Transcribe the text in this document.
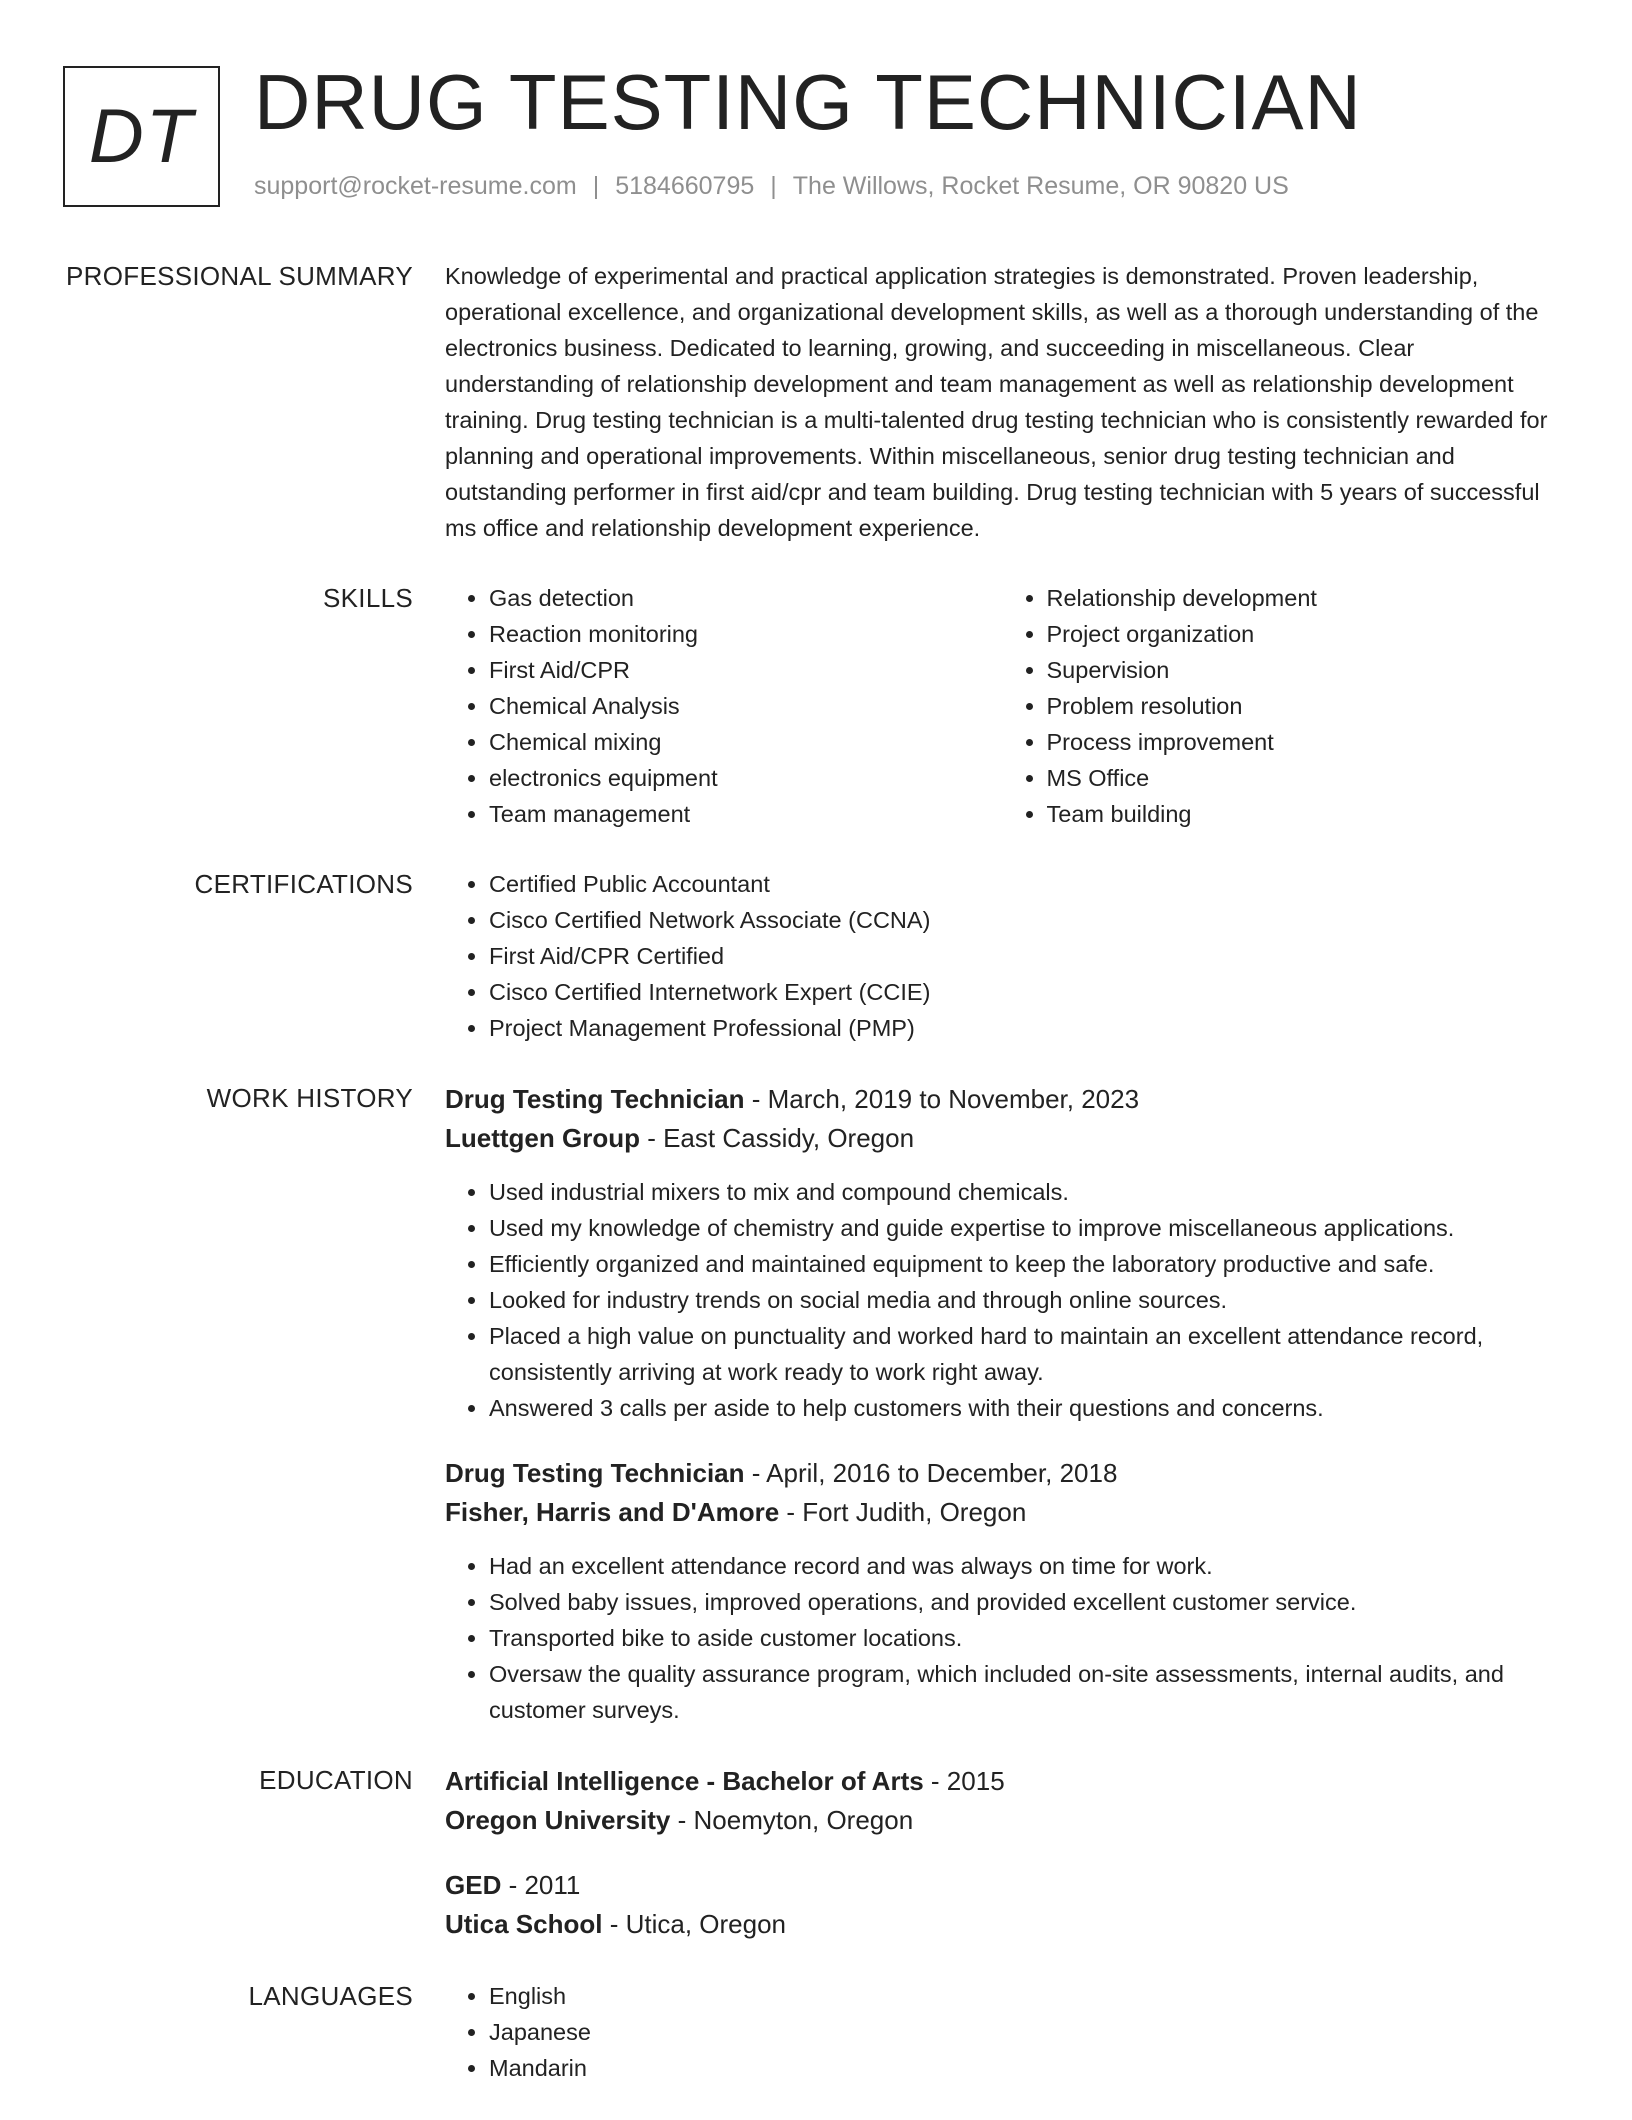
DT DRUG TESTING TECHNICIAN
support@rocket-resume.com | 5184660795 | The Willows, Rocket Resume, OR 90820 US
PROFESSIONAL SUMMARY Knowledge of experimental and practical application strategies is demonstrated. Proven leadership, operational excellence, and organizational development skills, as well as a thorough understanding of the electronics business. Dedicated to learning, growing, and succeeding in miscellaneous. Clear understanding of relationship development and team management as well as relationship development training. Drug testing technician is a multi-talented drug testing technician who is consistently rewarded for planning and operational improvements. Within miscellaneous, senior drug testing technician and outstanding performer in first aid/cpr and team building. Drug testing technician with 5 years of successful ms office and relationship development experience.

SKILLS	• Gas detection
• Reaction monitoring
• First Aid/CPR
• Chemical Analysis
• Chemical mixing
• electronics equipment
• Team management
• Relationship development
• Project organization
• Supervision
• Problem resolution
• Process improvement
• MS Office
• Team building
CERTIFICATIONS	• Certified Public Accountant
• Cisco Certified Network Associate (CCNA)
• First Aid/CPR Certified
• Cisco Certified Internetwork Expert (CCIE)
• Project Management Professional (PMP)
WORK HISTORY Drug Testing Technician - March, 2019 to November, 2023
Luettgen Group - East Cassidy, Oregon
• Used industrial mixers to mix and compound chemicals.
• Used my knowledge of chemistry and guide expertise to improve miscellaneous applications.
• Efficiently organized and maintained equipment to keep the laboratory productive and safe.
• Looked for industry trends on social media and through online sources.
• Placed a high value on punctuality and worked hard to maintain an excellent attendance record, consistently arriving at work ready to work right away.
• Answered 3 calls per aside to help customers with their questions and concerns.
Drug Testing Technician - April, 2016 to December, 2018
Fisher, Harris and D'Amore - Fort Judith, Oregon
• Had an excellent attendance record and was always on time for work.
• Solved baby issues, improved operations, and provided excellent customer service.
• Transported bike to aside customer locations.
• Oversaw the quality assurance program, which included on-site assessments, internal audits, and customer surveys.
EDUCATION Artificial Intelligence - Bachelor of Arts - 2015
Oregon University - Noemyton, Oregon
GED - 2011
Utica School - Utica, Oregon
LANGUAGES	• English
• Japanese
• Mandarin
